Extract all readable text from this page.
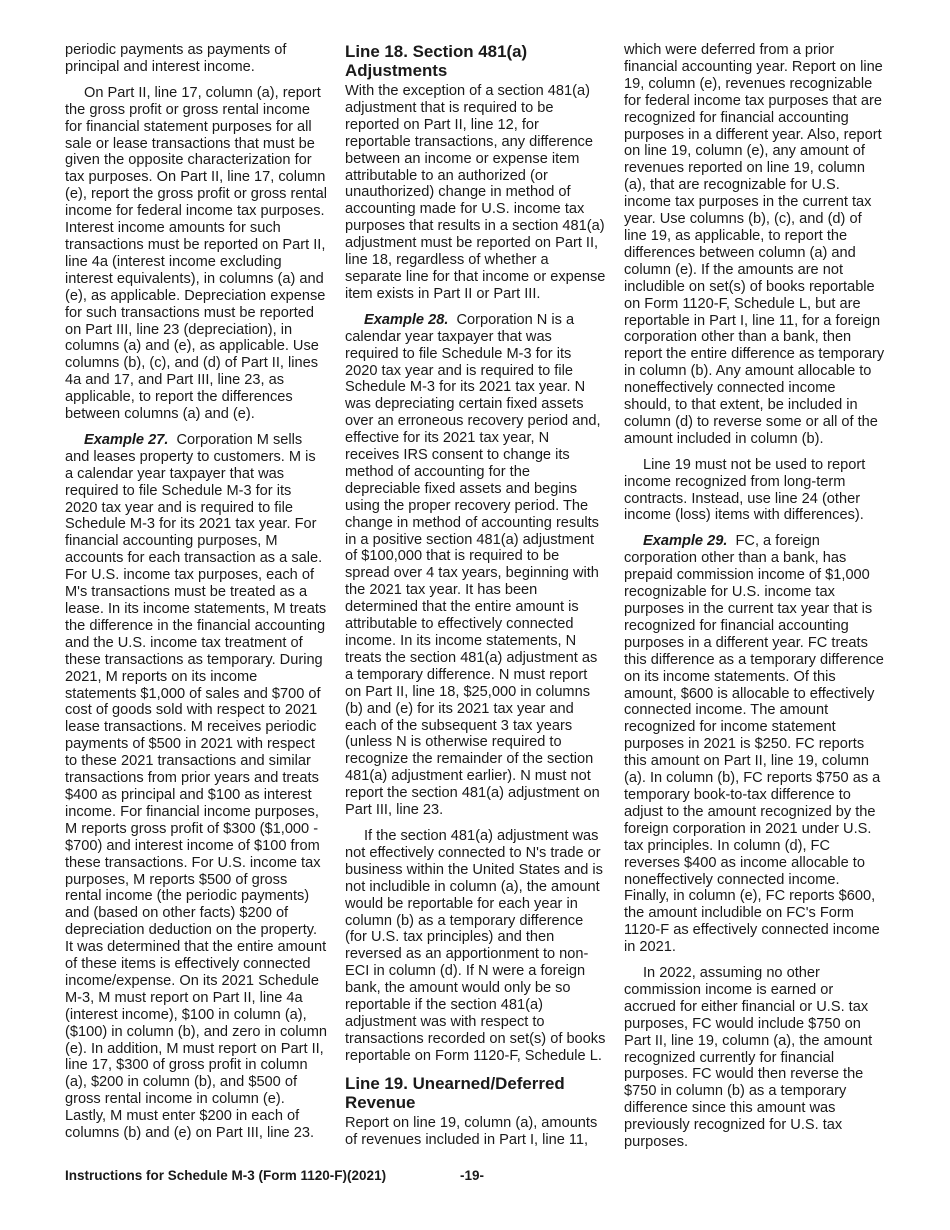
periodic payments as payments of principal and interest income.

On Part II, line 17, column (a), report the gross profit or gross rental income for financial statement purposes for all sale or lease transactions that must be given the opposite characterization for tax purposes. On Part II, line 17, column (e), report the gross profit or gross rental income for federal income tax purposes. Interest income amounts for such transactions must be reported on Part II, line 4a (interest income excluding interest equivalents), in columns (a) and (e), as applicable. Depreciation expense for such transactions must be reported on Part III, line 23 (depreciation), in columns (a) and (e), as applicable. Use columns (b), (c), and (d) of Part II, lines 4a and 17, and Part III, line 23, as applicable, to report the differences between columns (a) and (e).

Example 27. Corporation M sells and leases property to customers. M is a calendar year taxpayer that was required to file Schedule M-3 for its 2020 tax year and is required to file Schedule M-3 for its 2021 tax year. For financial accounting purposes, M accounts for each transaction as a sale. For U.S. income tax purposes, each of M's transactions must be treated as a lease. In its income statements, M treats the difference in the financial accounting and the U.S. income tax treatment of these transactions as temporary. During 2021, M reports on its income statements $1,000 of sales and $700 of cost of goods sold with respect to 2021 lease transactions. M receives periodic payments of $500 in 2021 with respect to these 2021 transactions and similar transactions from prior years and treats $400 as principal and $100 as interest income. For financial income purposes, M reports gross profit of $300 ($1,000 - $700) and interest income of $100 from these transactions. For U.S. income tax purposes, M reports $500 of gross rental income (the periodic payments) and (based on other facts) $200 of depreciation deduction on the property. It was determined that the entire amount of these items is effectively connected income/expense. On its 2021 Schedule M-3, M must report on Part II, line 4a (interest income), $100 in column (a), ($100) in column (b), and zero in column (e). In addition, M must report on Part II, line 17, $300 of gross profit in column (a), $200 in column (b), and $500 of gross rental income in column (e). Lastly, M must enter $200 in each of columns (b) and (e) on Part III, line 23.

Line 18. Section 481(a) Adjustments

With the exception of a section 481(a) adjustment that is required to be reported on Part II, line 12, for reportable transactions, any difference between an income or expense item attributable to an authorized (or unauthorized) change in method of accounting made for U.S. income tax purposes that results in a section 481(a) adjustment must be reported on Part II, line 18, regardless of whether a separate line for that income or expense item exists in Part II or Part III.

Example 28. Corporation N is a calendar year taxpayer that was required to file Schedule M-3 for its 2020 tax year and is required to file Schedule M-3 for its 2021 tax year. N was depreciating certain fixed assets over an erroneous recovery period and, effective for its 2021 tax year, N receives IRS consent to change its method of accounting for the depreciable fixed assets and begins using the proper recovery period. The change in method of accounting results in a positive section 481(a) adjustment of $100,000 that is required to be spread over 4 tax years, beginning with the 2021 tax year. It has been determined that the entire amount is attributable to effectively connected income. In its income statements, N treats the section 481(a) adjustment as a temporary difference. N must report on Part II, line 18, $25,000 in columns (b) and (e) for its 2021 tax year and each of the subsequent 3 tax years (unless N is otherwise required to recognize the remainder of the section 481(a) adjustment earlier). N must not report the section 481(a) adjustment on Part III, line 23.

If the section 481(a) adjustment was not effectively connected to N's trade or business within the United States and is not includible in column (a), the amount would be reportable for each year in column (b) as a temporary difference (for U.S. tax principles) and then reversed as an apportionment to non-ECI in column (d). If N were a foreign bank, the amount would only be so reportable if the section 481(a) adjustment was with respect to transactions recorded on set(s) of books reportable on Form 1120-F, Schedule L.

Line 19. Unearned/Deferred Revenue

Report on line 19, column (a), amounts of revenues included in Part I, line 11,

which were deferred from a prior financial accounting year. Report on line 19, column (e), revenues recognizable for federal income tax purposes that are recognized for financial accounting purposes in a different year. Also, report on line 19, column (e), any amount of revenues reported on line 19, column (a), that are recognizable for U.S. income tax purposes in the current tax year. Use columns (b), (c), and (d) of line 19, as applicable, to report the differences between column (a) and column (e). If the amounts are not includible on set(s) of books reportable on Form 1120-F, Schedule L, but are reportable in Part I, line 11, for a foreign corporation other than a bank, then report the entire difference as temporary in column (b). Any amount allocable to noneffectively connected income should, to that extent, be included in column (d) to reverse some or all of the amount included in column (b).

Line 19 must not be used to report income recognized from long-term contracts. Instead, use line 24 (other income (loss) items with differences).

Example 29. FC, a foreign corporation other than a bank, has prepaid commission income of $1,000 recognizable for U.S. income tax purposes in the current tax year that is recognized for financial accounting purposes in a different year. FC treats this difference as a temporary difference on its income statements. Of this amount, $600 is allocable to effectively connected income. The amount recognized for income statement purposes in 2021 is $250. FC reports this amount on Part II, line 19, column (a). In column (b), FC reports $750 as a temporary book-to-tax difference to adjust to the amount recognized by the foreign corporation in 2021 under U.S. tax principles. In column (d), FC reverses $400 as income allocable to noneffectively connected income. Finally, in column (e), FC reports $600, the amount includible on FC's Form 1120-F as effectively connected income in 2021.

In 2022, assuming no other commission income is earned or accrued for either financial or U.S. tax purposes, FC would include $750 on Part II, line 19, column (a), the amount recognized currently for financial purposes. FC would then reverse the $750 in column (b) as a temporary difference since this amount was previously recognized for U.S. tax purposes.

Instructions for Schedule M-3 (Form 1120-F)(2021)	-19-
